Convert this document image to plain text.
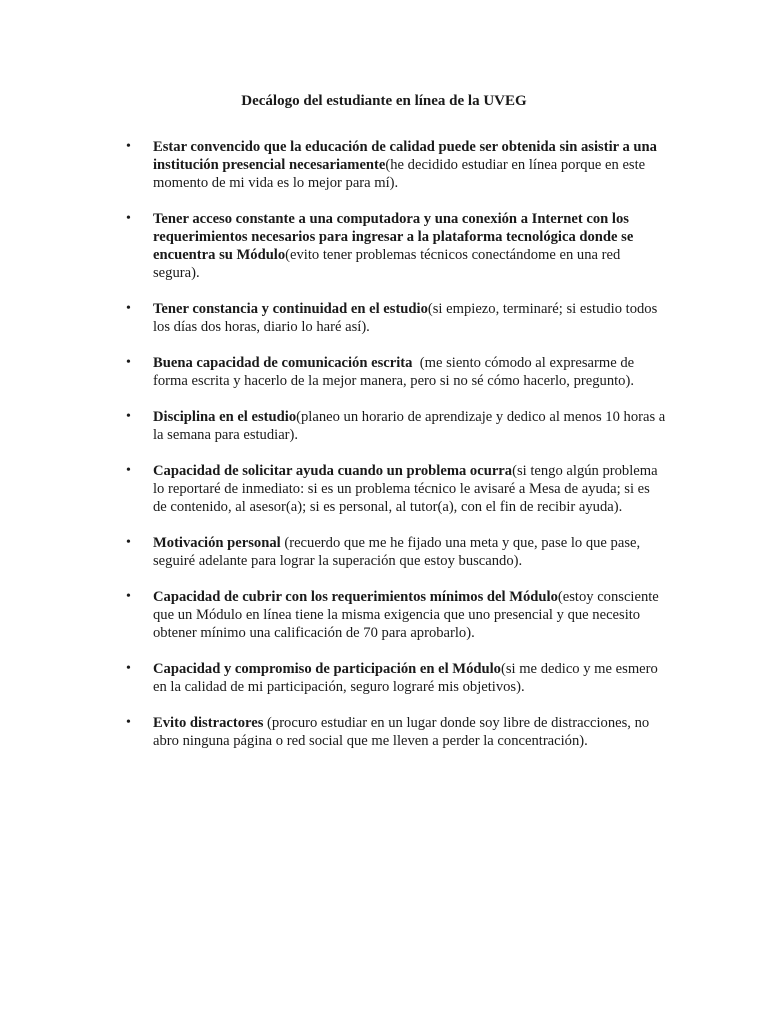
Decálogo del estudiante en línea de la UVEG
• Estar convencido que la educación de calidad puede ser obtenida sin asistir a una institución presencial necesariamente(he decidido estudiar en línea porque en este momento de mi vida es lo mejor para mí).
• Tener acceso constante a una computadora y una conexión a Internet con los requerimientos necesarios para ingresar a la plataforma tecnológica donde se encuentra su Módulo(evito tener problemas técnicos conectándome en una red segura).
• Tener constancia y continuidad en el estudio(si empiezo, terminaré; si estudio todos los días dos horas, diario lo haré así).
• Buena capacidad de comunicación escrita  (me siento cómodo al expresarme de forma escrita y hacerlo de la mejor manera, pero si no sé cómo hacerlo, pregunto).
• Disciplina en el estudio(planeo un horario de aprendizaje y dedico al menos 10 horas a la semana para estudiar).
• Capacidad de solicitar ayuda cuando un problema ocurra(si tengo algún problema lo reportaré de inmediato: si es un problema técnico le avisaré a Mesa de ayuda; si es de contenido, al asesor(a); si es personal, al tutor(a), con el fin de recibir ayuda).
• Motivación personal (recuerdo que me he fijado una meta y que, pase lo que pase, seguiré adelante para lograr la superación que estoy buscando).
• Capacidad de cubrir con los requerimientos mínimos del Módulo(estoy consciente que un Módulo en línea tiene la misma exigencia que uno presencial y que necesito obtener mínimo una calificación de 70 para aprobarlo).
• Capacidad y compromiso de participación en el Módulo(si me dedico y me esmero en la calidad de mi participación, seguro lograré mis objetivos).
• Evito distractores (procuro estudiar en un lugar donde soy libre de distracciones, no abro ninguna página o red social que me lleven a perder la concentración).
